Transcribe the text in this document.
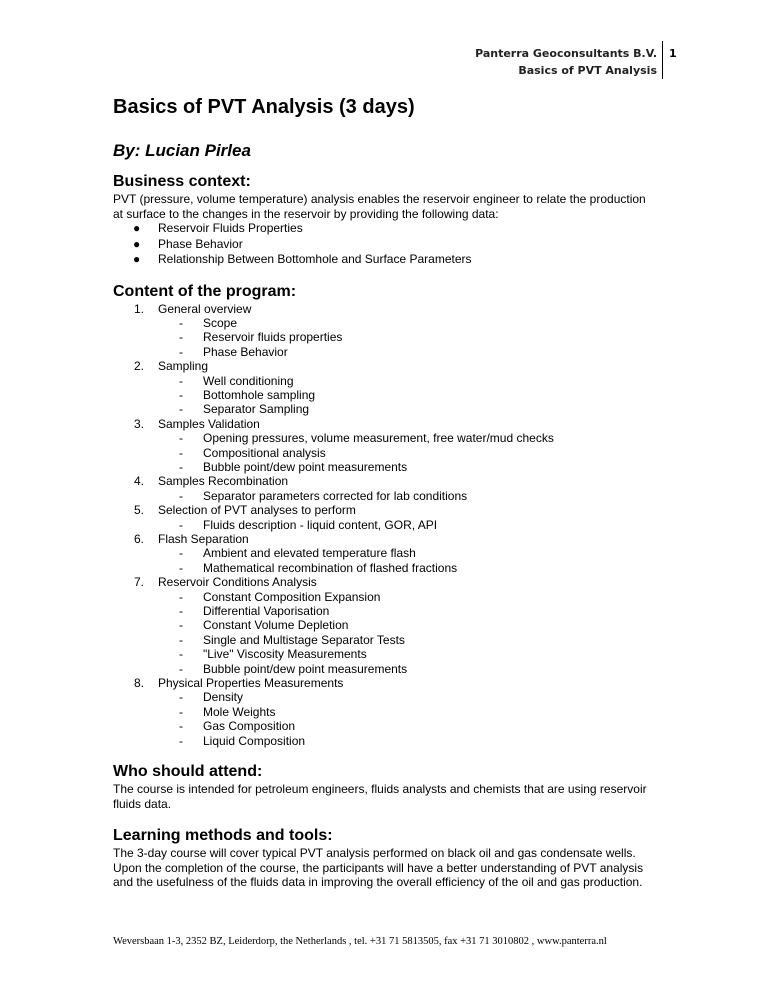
Panterra Geoconsultants B.V.
Basics of PVT Analysis
1
Basics of PVT Analysis (3 days)
By: Lucian Pirlea
Business context:

PVT (pressure, volume temperature) analysis enables the reservoir engineer to relate the production at surface to the changes in the reservoir by providing the following data:

● Reservoir Fluids Properties
● Phase Behavior
● Relationship Between Bottomhole and Surface Parameters
Content of the program:
1. General overview
- Scope
- Reservoir fluids properties
- Phase Behavior
2. Sampling
- Well conditioning
- Bottomhole sampling
- Separator Sampling
3. Samples Validation
- Opening pressures, volume measurement, free water/mud checks
- Compositional analysis
- Bubble point/dew point measurements
4. Samples Recombination
- Separator parameters corrected for lab conditions
5. Selection of PVT analyses to perform
- Fluids description - liquid content, GOR, API
6. Flash Separation
- Ambient and elevated temperature flash
- Mathematical recombination of flashed fractions
7. Reservoir Conditions Analysis
- Constant Composition Expansion
- Differential Vaporisation
- Constant Volume Depletion
- Single and Multistage Separator Tests
- "Live" Viscosity Measurements
- Bubble point/dew point measurements
8. Physical Properties Measurements
- Density
- Mole Weights
- Gas Composition
- Liquid Composition
Who should attend:

The course is intended for petroleum engineers, fluids analysts and chemists that are using reservoir fluids data.

Learning methods and tools:

The 3-day course will cover typical PVT analysis performed on black oil and gas condensate wells.

Upon the completion of the course, the participants will have a better understanding of PVT analysis and the usefulness of the fluids data in improving the overall efficiency of the oil and gas production.

Weversbaan 1-3, 2352 BZ, Leiderdorp, the Netherlands , tel. +31 71 5813505, fax +31 71 3010802 , www.panterra.nl
